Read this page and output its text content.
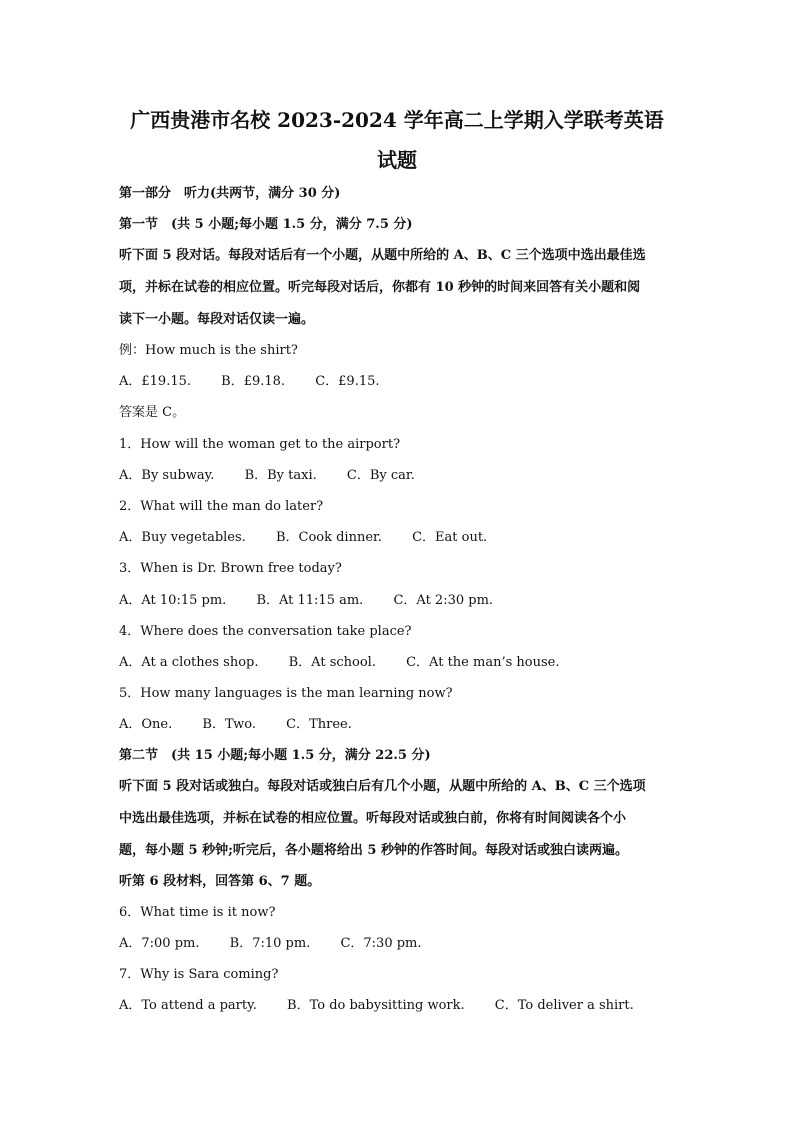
广西贵港市名校 2023-2024 学年高二上学期入学联考英语
试题
第一部分　听力(共两节，满分 30 分)
第一节　(共 5 小题;每小题 1.5 分，满分 7.5 分)
听下面 5 段对话。每段对话后有一个小题，从题中所给的 A、B、C 三个选项中选出最佳选
项，并标在试卷的相应位置。听完每段对话后，你都有 10 秒钟的时间来回答有关小题和阅
读下一小题。每段对话仅读一遍。
例：How much is the shirt?
A．£19.15. B．£9.18. C．£9.15.
答案是 C。
1．How will the woman get to the airport?
A．By subway. B．By taxi. C．By car.
2．What will the man do later?
A．Buy vegetables. B．Cook dinner. C．Eat out.
3．When is Dr. Brown free today?
A．At 10:15 pm. B．At 11:15 am. C．At 2:30 pm.
4．Where does the conversation take place?
A．At a clothes shop. B．At school. C．At the man’s house.
5．How many languages is the man learning now?
A．One. B．Two. C．Three.
第二节　(共 15 小题;每小题 1.5 分，满分 22.5 分)
听下面 5 段对话或独白。每段对话或独白后有几个小题，从题中所给的 A、B、C 三个选项
中选出最佳选项，并标在试卷的相应位置。听每段对话或独白前，你将有时间阅读各个小
题，每小题 5 秒钟;听完后，各小题将给出 5 秒钟的作答时间。每段对话或独白读两遍。
听第 6 段材料，回答第 6、7 题。
6．What time is it now?
A．7:00 pm. B．7:10 pm. C．7:30 pm.
7．Why is Sara coming?
A．To attend a party. B．To do babysitting work. C．To deliver a shirt.
